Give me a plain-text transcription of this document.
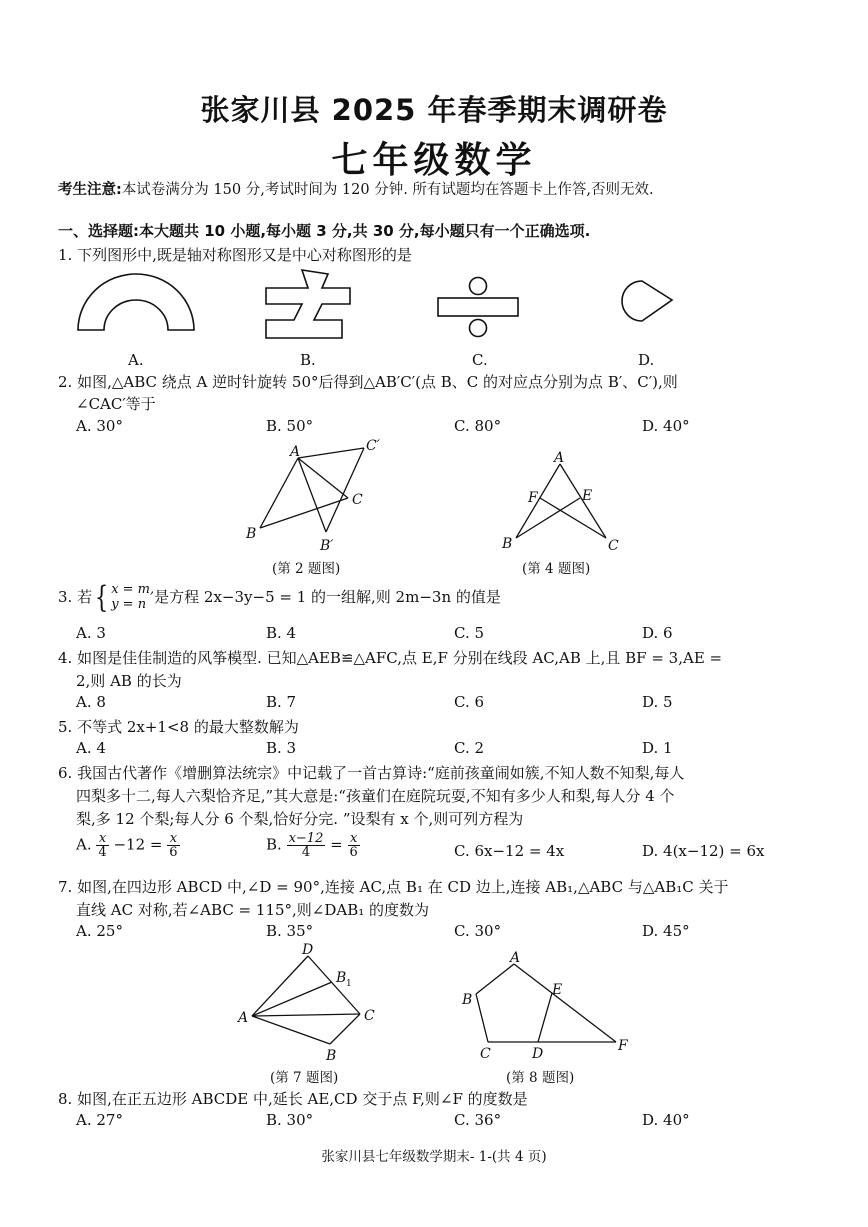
张家川县 2025 年春季期末调研卷
七年级数学
考生注意:本试卷满分为 150 分,考试时间为 120 分钟. 所有试题均在答题卡上作答,否则无效.
一、选择题:本大题共 10 小题,每小题 3 分,共 30 分,每小题只有一个正确选项.
1. 下列图形中,既是轴对称图形又是中心对称图形的是
A.	B.	C.	D.
2. 如图,△ABC 绕点 A 逆时针旋转 50°后得到△AB′C′(点 B、C 的对应点分别为点 B′、C′),则
∠CAC′等于
A. 30°	B. 50°	C. 80°	D. 40°
A	C′
C
B
B′
(第 2 题图)
A
F	E
B	C
(第 4 题图)
3. 若{ x = m,
y = n 是方程 2x−3y−5 = 1 的一组解,则 2m−3n 的值是
A. 3	B. 4	C. 5	D. 6
4. 如图是佳佳制造的风筝模型. 已知△AEB≌△AFC,点 E,F 分别在线段 AC,AB 上,且 BF = 3,AE =
2,则 AB 的长为
A. 8	B. 7	C. 6	D. 5
5. 不等式 2x+1<8 的最大整数解为
A. 4	B. 3	C. 2	D. 1
6. 我国古代著作《增删算法统宗》中记载了一首古算诗:“庭前孩童闹如簇,不知人数不知梨,每人
四梨多十二,每人六梨恰齐足,”其大意是:“孩童们在庭院玩耍,不知有多少人和梨,每人分 4 个
梨,多 12 个梨;每人分 6 个梨,恰好分完. ”设梨有 x 个,则可列方程为
A. $\frac{x}{4} -12 = \frac{x}{6}$	B. $\frac{x-12}{4} = \frac{x}{6}$	C. 6x−12 = 4x	D. 4(x−12) = 6x
7. 如图,在四边形 ABCD 中,∠D = 90°,连接 AC,点 B₁ 在 CD 边上,连接 AB₁,△ABC 与△AB₁C 关于
直线 AC 对称,若∠ABC = 115°,则∠DAB₁ 的度数为
A. 25°	B. 35°	C. 30°	D. 45°
D
B 1
A	C
B
(第 7 题图)
A
B
E
C	D	F
(第 8 题图)
8. 如图,在正五边形 ABCDE 中,延长 AE,CD 交于点 F,则∠F 的度数是
A. 27°	B. 30°	C. 36°	D. 40°
张家川县七年级数学期末- 1-(共 4 页)
